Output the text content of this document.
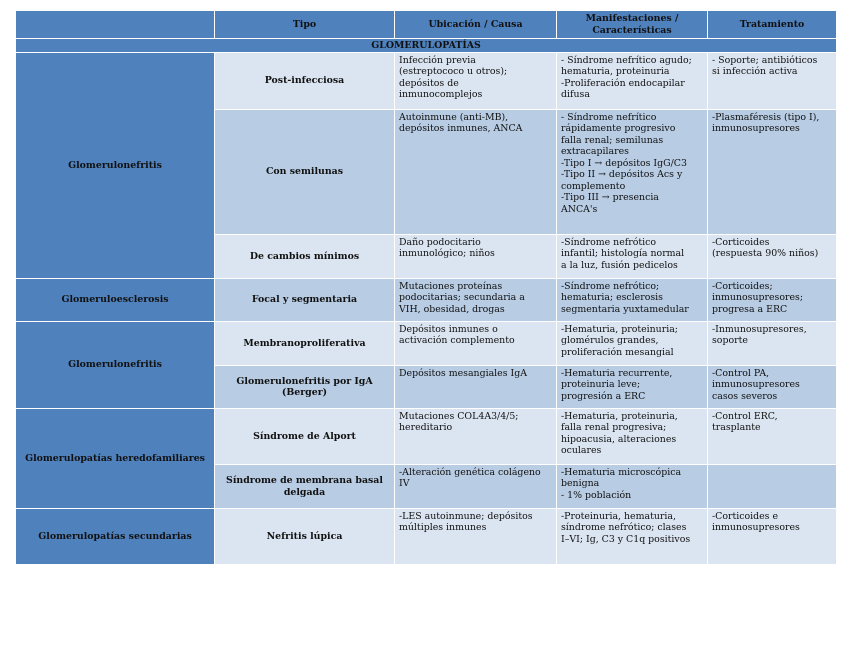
Tipo	Ubicación / Causa
Manifestaciones /
Características
Tratamiento
GLOMERULOPATÍAS
Glomerulonefritis
Glomeruloesclerosis
Glomerulonefritis
Glomerulopatías heredofamiliares
Glomerulopatías secundarias
Post-infecciosa
Infección previa
(estreptococo u otros);
depósitos de
inmunocomplejos
- Síndrome nefrítico agudo;
hematuria, proteinuria
-Proliferación endocapilar
difusa
- Soporte; antibióticos
si infección activa
Con semilunas
Autoinmune (anti-MB),
depósitos inmunes, ANCA
- Síndrome nefrítico
rápidamente progresivo
falla renal; semilunas
extracapilares
-Tipo I → depósitos IgG/C3
-Tipo II → depósitos Acs y
complemento
-Tipo III → presencia
ANCA's
-Plasmaféresis (tipo I),
inmunosupresores
De cambios mínimos
Daño podocitario
inmunológico; niños
-Síndrome nefrótico
infantil; histología normal
a la luz, fusión pedicelos
-Corticoides
(respuesta 90% niños)
Focal y segmentaria
Mutaciones proteínas
podocitarias; secundaria a
VIH, obesidad, drogas
-Síndrome nefrótico;
hematuria; esclerosis
segmentaria yuxtamedular
-Corticoides;
inmunosupresores;
progresa a ERC
Membranoproliferativa
Depósitos inmunes o
activación complemento
-Hematuria, proteinuria;
glomérulos grandes,
proliferación mesangial
-Inmunosupresores,
soporte
Glomerulonefritis por IgA
(Berger)
Depósitos mesangiales IgA	-Hematuria recurrente,
proteinuria leve;
progresión a ERC
-Control PA,
inmunosupresores
casos severos
Síndrome de Alport
Mutaciones COL4A3/4/5;
hereditario
-Hematuria, proteinuria,
falla renal progresiva;
hipoacusia, alteraciones
oculares
-Control ERC,
trasplante
Síndrome de membrana basal
delgada
-Alteración genética colágeno
IV
-Hematuria microscópica
benigna
- 1% población
Nefritis lúpica
-LES autoinmune; depósitos
múltiples inmunes
-Proteinuria, hematuria,
síndrome nefrótico; clases
I–VI; Ig, C3 y C1q positivos
-Corticoides e
inmunosupresores
